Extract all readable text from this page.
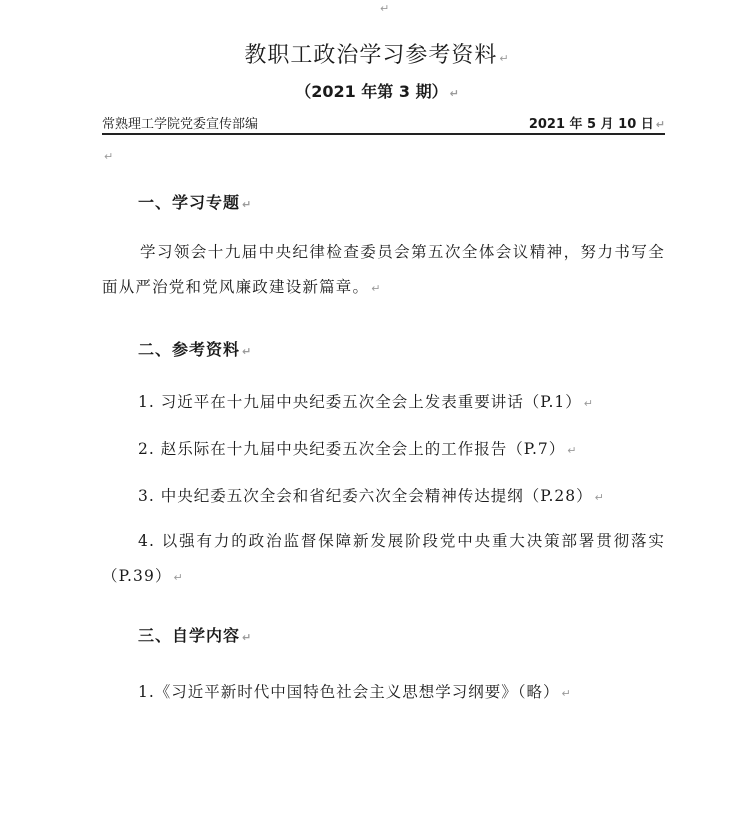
↵
教职工政治学习参考资料 ↵
（2021 年第 3 期） ↵
常熟理工学院党委宣传部编	2021 年 5 月 10 日 ↵
↵
一、学习专题 ↵
学习领会十九届中央纪律检查委员会第五次全体会议精神，努力书写全面从严治党和党风廉政建设新篇章。 ↵
二、参考资料 ↵
1. 习近平在十九届中央纪委五次全会上发表重要讲话（P.1） ↵
2. 赵乐际在十九届中央纪委五次全会上的工作报告（P.7） ↵
3. 中央纪委五次全会和省纪委六次全会精神传达提纲（P.28） ↵
4. 以强有力的政治监督保障新发展阶段党中央重大决策部署贯彻落实（P.39） ↵
三、自学内容 ↵
1.《习近平新时代中国特色社会主义思想学习纲要》（略） ↵
